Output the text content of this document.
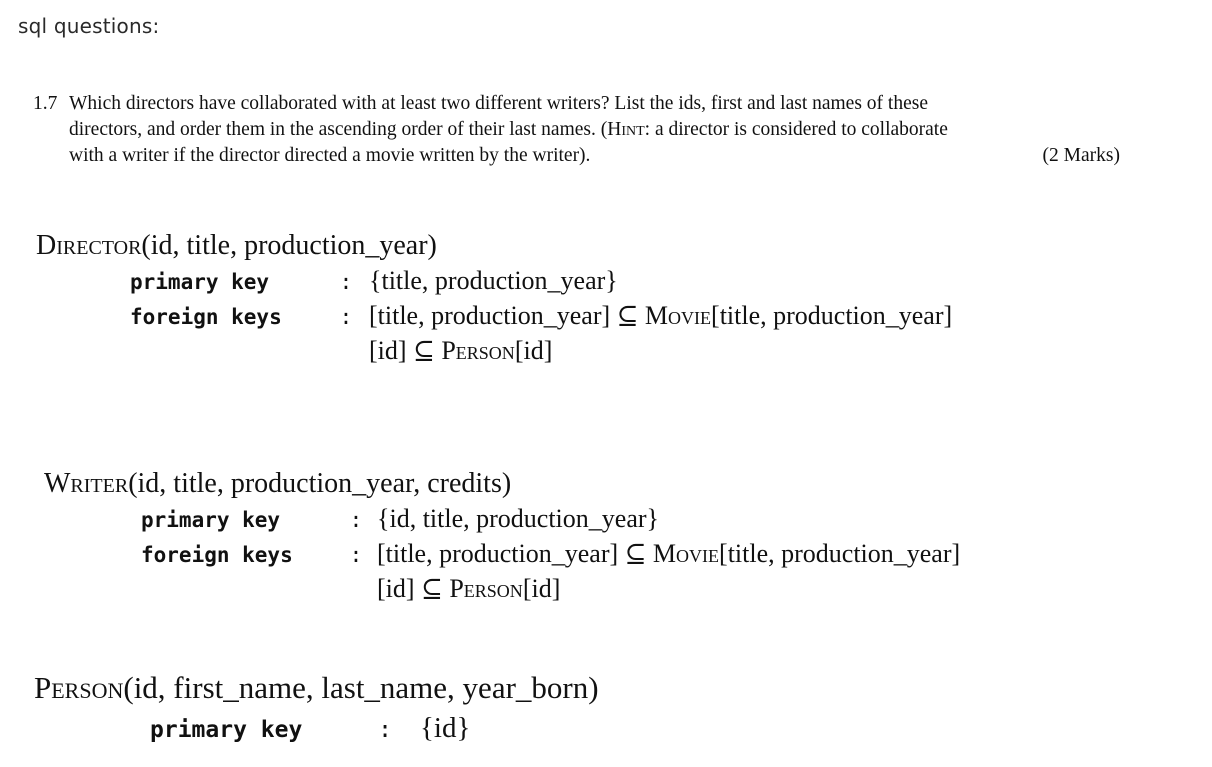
sql questions:
1.7 Which directors have collaborated with at least two different writers? List the ids, first and last names of these
directors, and order them in the ascending order of their last names. (Hint: a director is considered to collaborate
with a writer if the director directed a movie written by the writer).	(2 Marks)
Director(id, title, production_year)
primary key	: {title, production_year}
foreign keys	: [title, production_year] ⊆ Movie[title, production_year]
[id] ⊆ Person[id]
Writer(id, title, production_year, credits)
primary key	: {id, title, production_year}
foreign keys	: [title, production_year] ⊆ Movie[title, production_year]
[id] ⊆ Person[id]
Person(id, first_name, last_name, year_born)
primary key	: {id}
